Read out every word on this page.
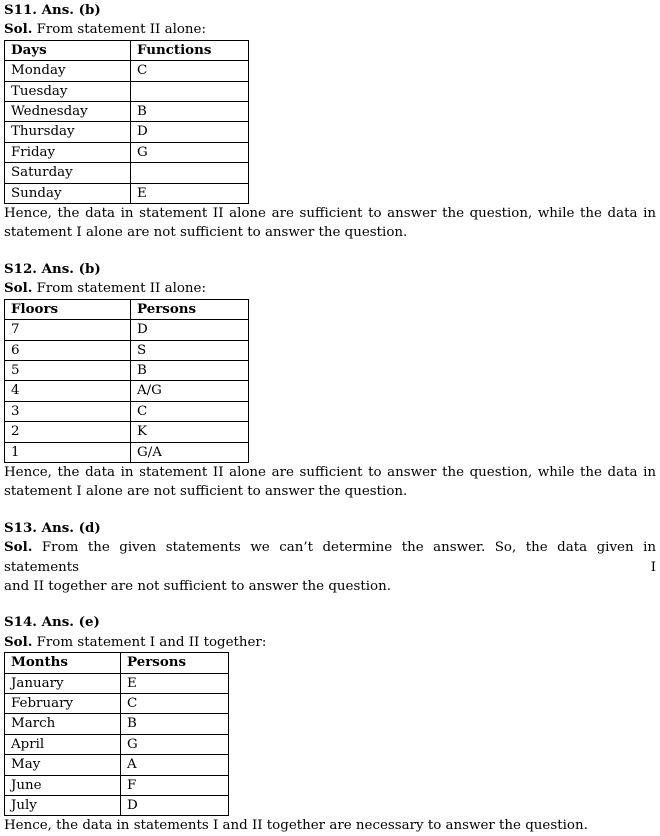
S11. Ans. (b)

Sol. From statement II alone:

Days	Functions
Monday	C
Tuesday	
Wednesday	B
Thursday	D
Friday	G
Saturday	
Sunday	E

Hence, the data in statement II alone are sufficient to answer the question, while the data in
statement I alone are not sufficient to answer the question.

S12. Ans. (b)

Sol. From statement II alone:

Floors	Persons
7	D
6	S
5	B
4	A/G
3	C
2	K
1	G/A

Hence, the data in statement II alone are sufficient to answer the question, while the data in
statement I alone are not sufficient to answer the question.

S13. Ans. (d)

Sol. From the given statements we can’t determine the answer. So, the data given in statements I
and II together are not sufficient to answer the question.

S14. Ans. (e)

Sol. From statement I and II together:

Months	Persons
January	E
February	C
March	B
April	G
May	A
June	F
July	D

Hence, the data in statements I and II together are necessary to answer the question.
